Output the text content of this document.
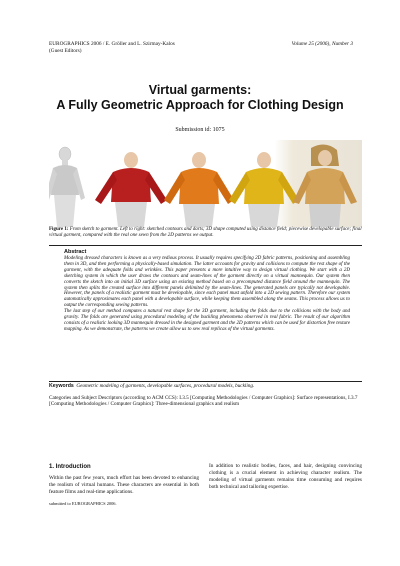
EUROGRAPHICS 2006 / E. Gröller and L. Szirmay-Kalos
(Guest Editors)
Volume 25 (2006), Number 3
Virtual garments:
A Fully Geometric Approach for Clothing Design
Submission id: 1075
Figure 1: From sketch to garment. Left to right: sketched contours and darts; 3D shape computed using distance field; piecewise developable surface; final virtual garment, compared with the real one sewn from the 2D patterns we output.
Abstract

Modeling dressed characters is known as a very tedious process. It usually requires specifying 2D fabric patterns, positioning and assembling them in 3D, and then performing a physically-based simulation. The latter accounts for gravity and collisions to compute the rest shape of the garment, with the adequate folds and wrinkles. This paper presents a more intuitive way to design virtual clothing. We start with a 2D sketching system in which the user draws the contours and seam-lines of the garment directly on a virtual mannequin. Our system then converts the sketch into an initial 3D surface using an existing method based on a precomputed distance field around the mannequin. The system then splits the created surface into different panels delimited by the seam-lines. The generated panels are typically not developable. However, the panels of a realistic garment must be developable, since each panel must unfold into a 2D sewing pattern. Therefore our system automatically approximates each panel with a developable surface, while keeping them assembled along the seams. This process allows us to output the corresponding sewing patterns.

The last step of our method computes a natural rest shape for the 3D garment, including the folds due to the collisions with the body and gravity. The folds are generated using procedural modeling of the buckling phenomena observed in real fabric. The result of our algorithm consists of a realistic looking 3D mannequin dressed in the designed garment and the 2D patterns which can be used for distortion free texture mapping. As we demonstrate, the patterns we create allow us to sew real replicas of the virtual garments.

Keywords Geometric modeling of garments, developable surfaces, procedural models, buckling.
Categories and Subject Descriptors (according to ACM CCS): I.3.5 [Computing Methodologies / Computer Graphics]: Surface representations, I.3.7 [Computing Methodologies / Computer Graphics]: Three-dimensional graphics and realism
1. Introduction
Within the past few years, much effort has been devoted to enhancing the realism of virtual humans. These characters are essential in both feature films and real-time applications.
In addition to realistic bodies, faces, and hair, designing convincing clothing is a crucial element in achieving character realism. The modeling of virtual garments remains time consuming and requires both technical and tailoring expertise.
submitted to EUROGRAPHICS 2006.
